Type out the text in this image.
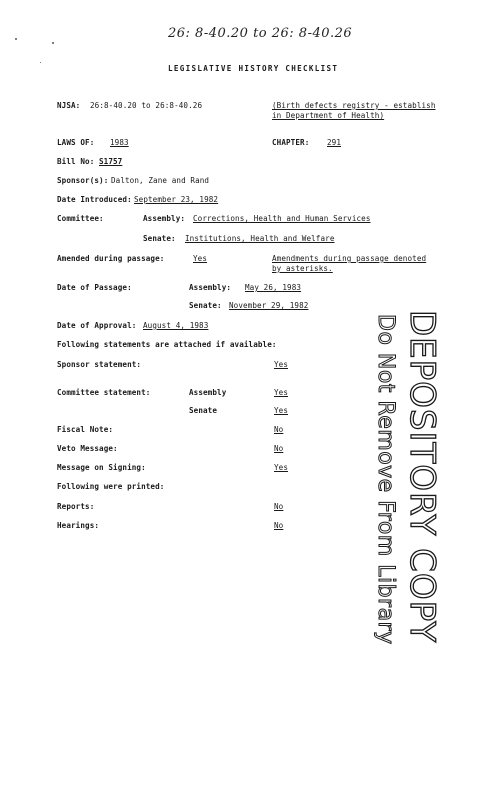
26: 8-40.20 to 26: 8-40.26
LEGISLATIVE HISTORY CHECKLIST
NJSA: 26:8-40.20 to 26:8-40.26	(Birth defects registry - establish
in Department of Health)
LAWS OF: 1983	CHAPTER: 291
Bill No: S1757
Sponsor(s): Dalton, Zane and Rand
Date Introduced: September 23, 1982
Committee:	Assembly: Corrections, Health and Human Services
Senate: Institutions, Health and Welfare
Amended during passage:	Yes	Amendments during passage denoted
by asterisks.
Date of Passage:	Assembly: May 26, 1983
Senate: November 29, 1982
Date of Approval: August 4, 1983
Following statements are attached if available:
Sponsor statement:	Yes
Committee statement:	Assembly	Yes
Senate	Yes
Fiscal Note:	No
Veto Message:	No
Message on Signing:	Yes
Following were printed:
Reports:	No
Hearings:	No	DEPOSITORY COPY
Do Not Remove From Library
